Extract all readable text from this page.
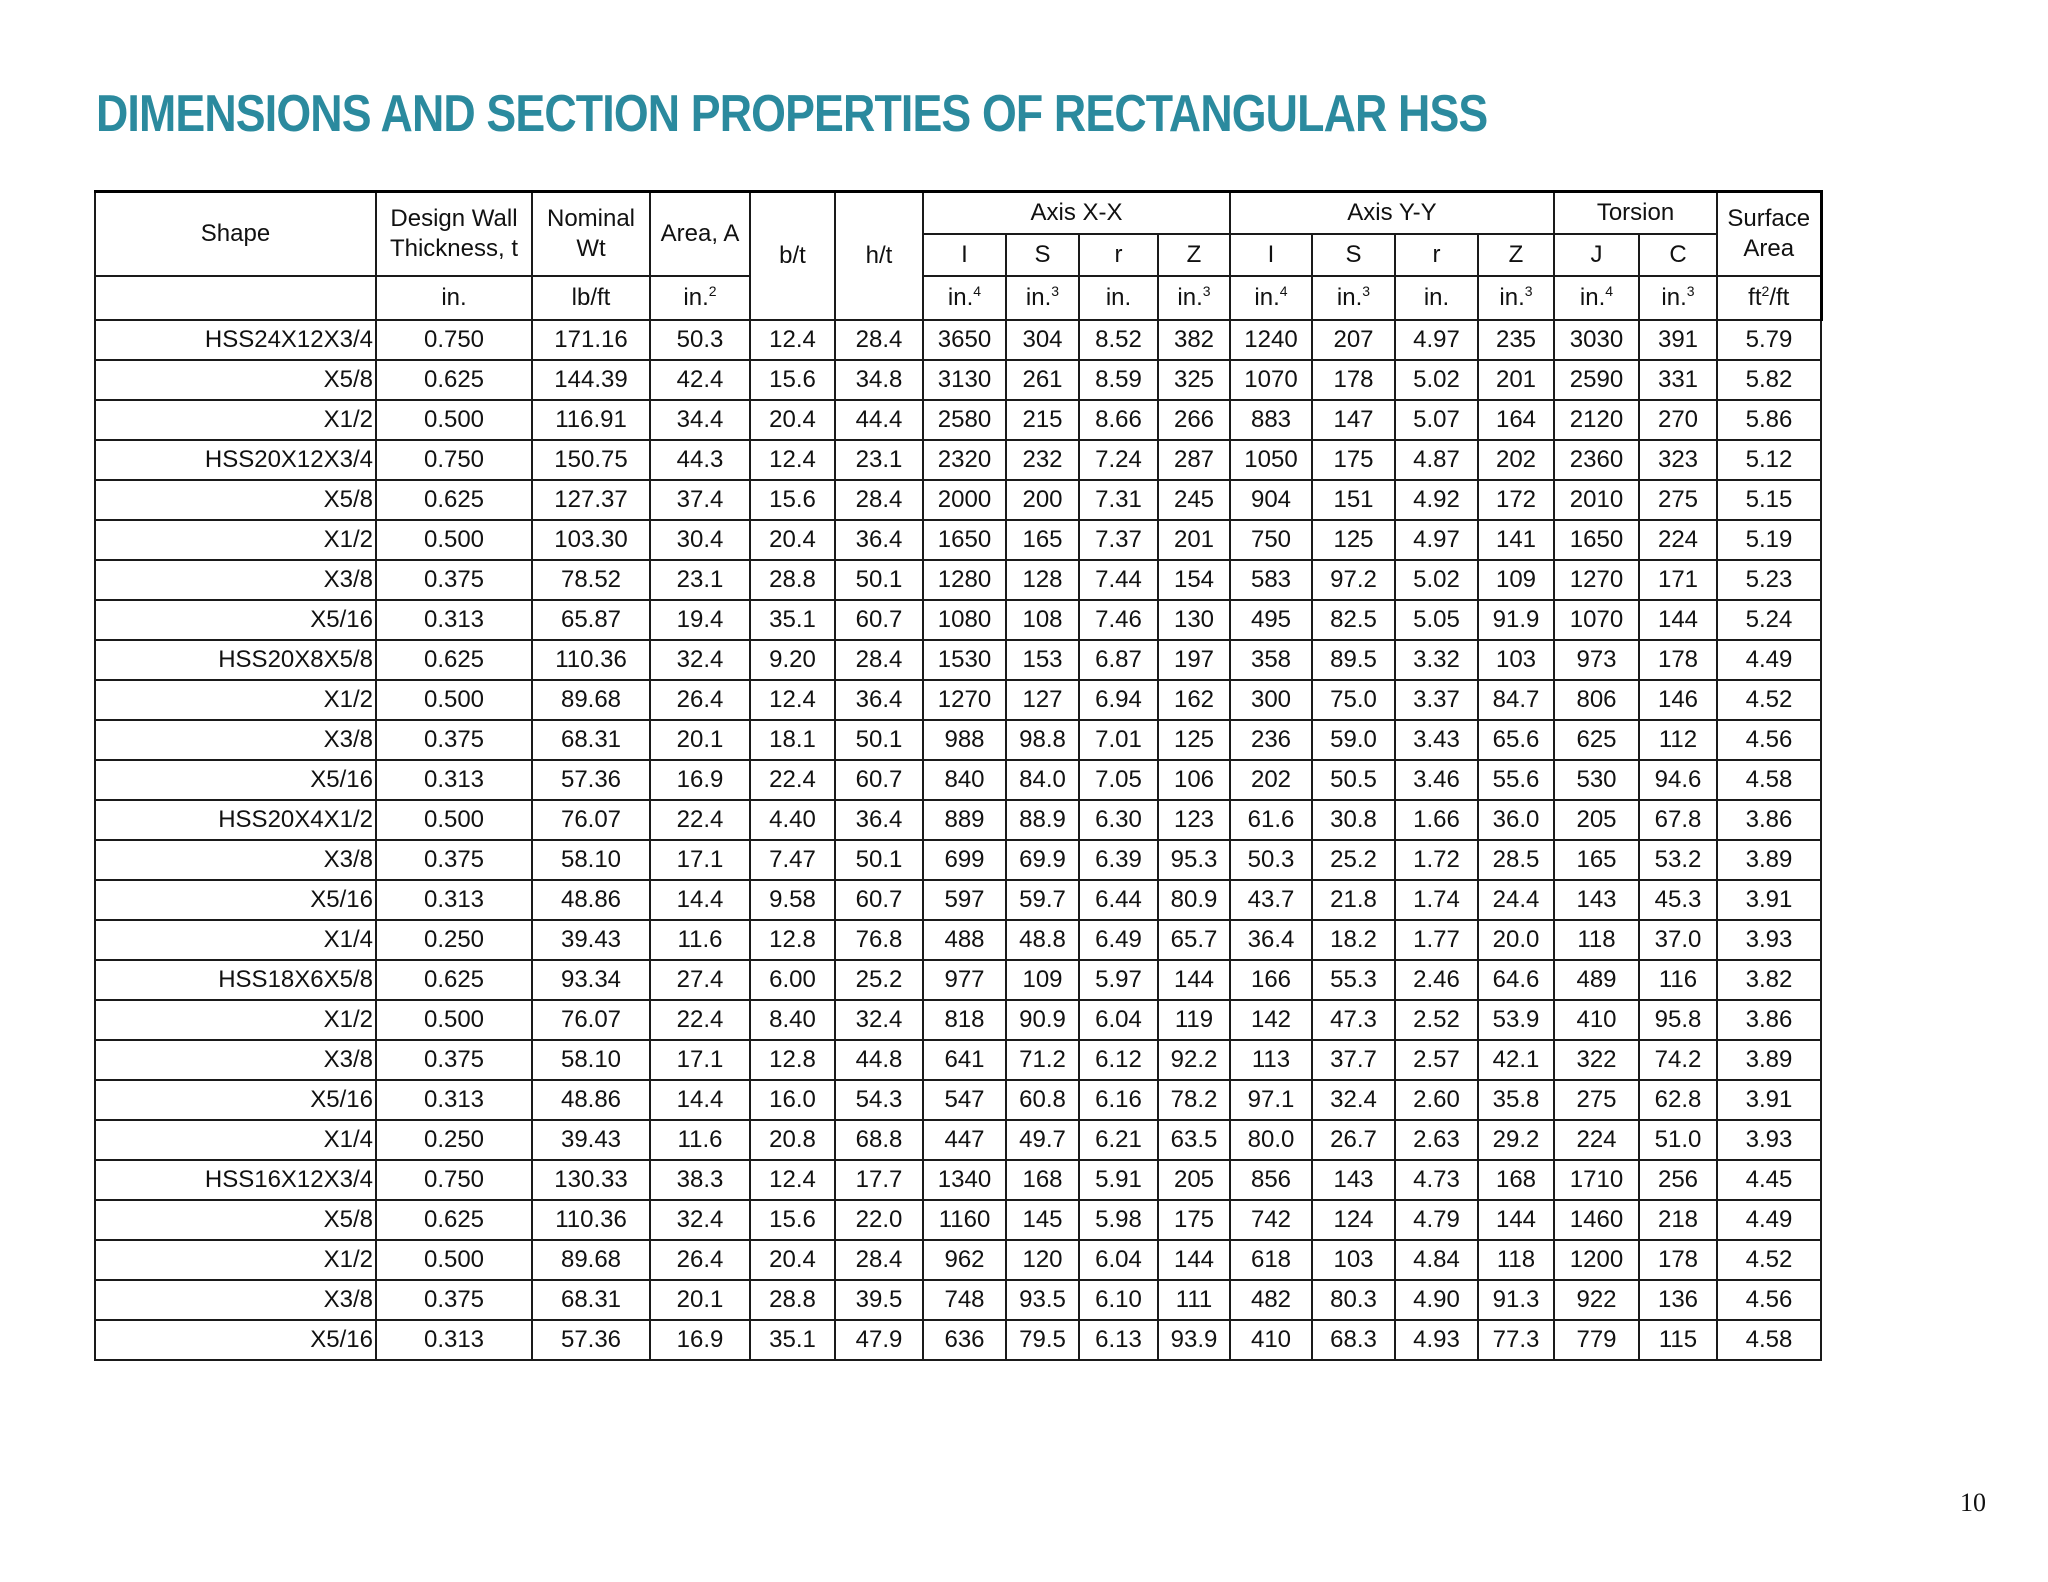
DIMENSIONS AND SECTION PROPERTIES OF RECTANGULAR HSS
Shape	Design Wall Thickness, t	Nominal Wt	Area, A	b/t	h/t	Axis X-X				Axis Y-Y				Torsion		Surface Area
						I	S	r	Z	I	S	r	Z	J	C	
	in.	lb/ft	in.$^2$			in.$^4$	in.$^3$	in.	in.$^3$	in.$^4$	in.$^3$	in.	in.$^3$	in.$^4$	in.$^3$	$ft^2/ft$
HSS24X12X3/4	0.750	171.16	50.3	12.4	28.4	3650	304	8.52	382	1240	207	4.97	235	3030	391	5.79
X5/8	0.625	144.39	42.4	15.6	34.8	3130	261	8.59	325	1070	178	5.02	201	2590	331	5.82
X1/2	0.500	116.91	34.4	20.4	44.4	2580	215	8.66	266	883	147	5.07	164	2120	270	5.86
HSS20X12X3/4	0.750	150.75	44.3	12.4	23.1	2320	232	7.24	287	1050	175	4.87	202	2360	323	5.12
X5/8	0.625	127.37	37.4	15.6	28.4	2000	200	7.31	245	904	151	4.92	172	2010	275	5.15
X1/2	0.500	103.30	30.4	20.4	36.4	1650	165	7.37	201	750	125	4.97	141	1650	224	5.19
X3/8	0.375	78.52	23.1	28.8	50.1	1280	128	7.44	154	583	97.2	5.02	109	1270	171	5.23
X5/16	0.313	65.87	19.4	35.1	60.7	1080	108	7.46	130	495	82.5	5.05	91.9	1070	144	5.24
HSS20X8X5/8	0.625	110.36	32.4	9.20	28.4	1530	153	6.87	197	358	89.5	3.32	103	973	178	4.49
X1/2	0.500	89.68	26.4	12.4	36.4	1270	127	6.94	162	300	75.0	3.37	84.7	806	146	4.52
X3/8	0.375	68.31	20.1	18.1	50.1	988	98.8	7.01	125	236	59.0	3.43	65.6	625	112	4.56
X5/16	0.313	57.36	16.9	22.4	60.7	840	84.0	7.05	106	202	50.5	3.46	55.6	530	94.6	4.58
HSS20X4X1/2	0.500	76.07	22.4	4.40	36.4	889	88.9	6.30	123	61.6	30.8	1.66	36.0	205	67.8	3.86
X3/8	0.375	58.10	17.1	7.47	50.1	699	69.9	6.39	95.3	50.3	25.2	1.72	28.5	165	53.2	3.89
X5/16	0.313	48.86	14.4	9.58	60.7	597	59.7	6.44	80.9	43.7	21.8	1.74	24.4	143	45.3	3.91
X1/4	0.250	39.43	11.6	12.8	76.8	488	48.8	6.49	65.7	36.4	18.2	1.77	20.0	118	37.0	3.93
HSS18X6X5/8	0.625	93.34	27.4	6.00	25.2	977	109	5.97	144	166	55.3	2.46	64.6	489	116	3.82
X1/2	0.500	76.07	22.4	8.40	32.4	818	90.9	6.04	119	142	47.3	2.52	53.9	410	95.8	3.86
X3/8	0.375	58.10	17.1	12.8	44.8	641	71.2	6.12	92.2	113	37.7	2.57	42.1	322	74.2	3.89
X5/16	0.313	48.86	14.4	16.0	54.3	547	60.8	6.16	78.2	97.1	32.4	2.60	35.8	275	62.8	3.91
X1/4	0.250	39.43	11.6	20.8	68.8	447	49.7	6.21	63.5	80.0	26.7	2.63	29.2	224	51.0	3.93
HSS16X12X3/4	0.750	130.33	38.3	12.4	17.7	1340	168	5.91	205	856	143	4.73	168	1710	256	4.45
X5/8	0.625	110.36	32.4	15.6	22.0	1160	145	5.98	175	742	124	4.79	144	1460	218	4.49
X1/2	0.500	89.68	26.4	20.4	28.4	962	120	6.04	144	618	103	4.84	118	1200	178	4.52
X3/8	0.375	68.31	20.1	28.8	39.5	748	93.5	6.10	111	482	80.3	4.90	91.3	922	136	4.56
X5/16	0.313	57.36	16.9	35.1	47.9	636	79.5	6.13	93.9	410	68.3	4.93	77.3	779	115	4.58
10
